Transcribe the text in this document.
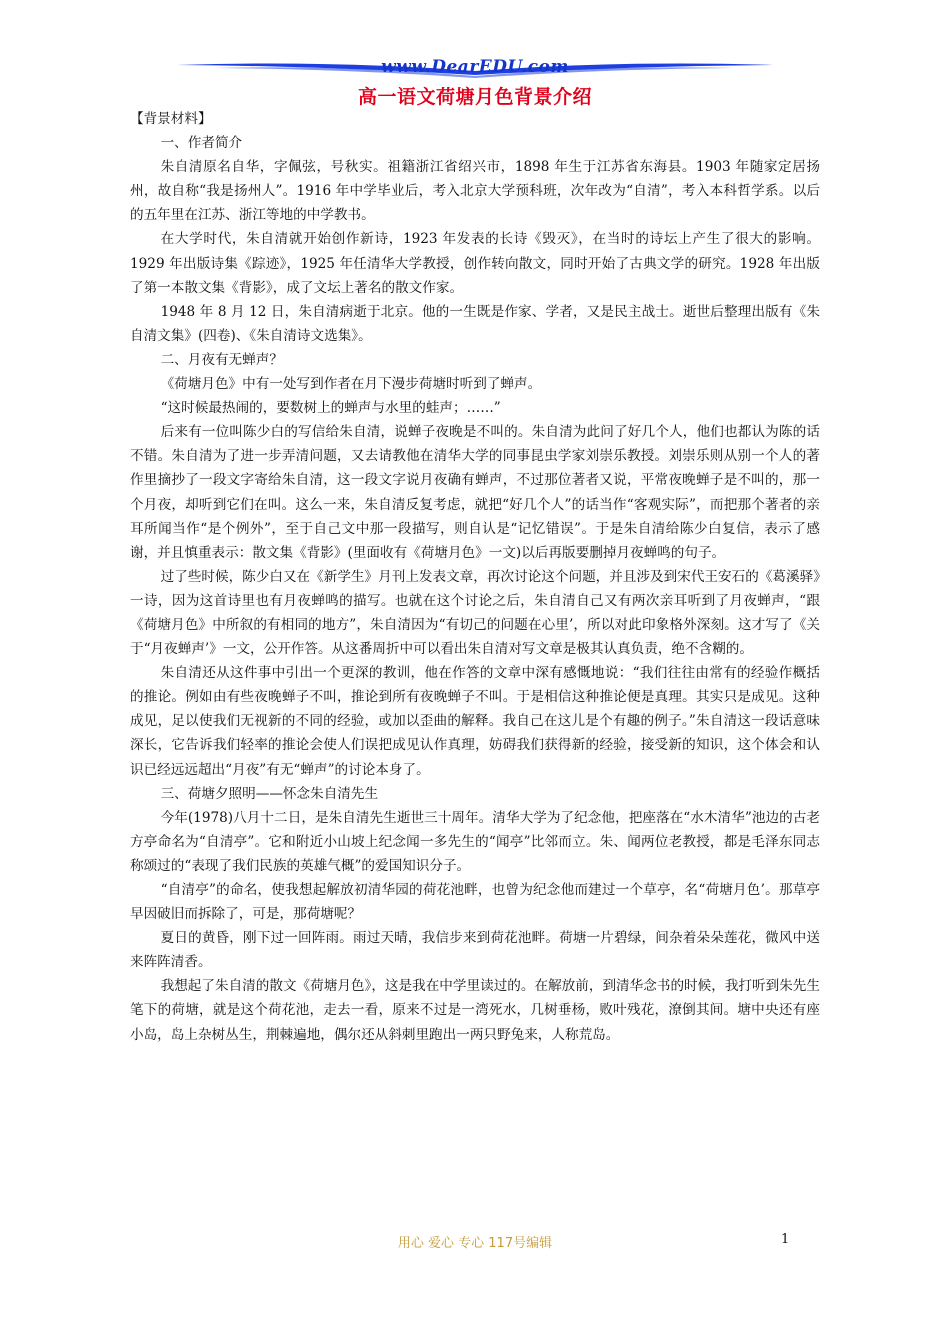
www.DearEDU.com
高一语文荷塘月色背景介绍

【背景材料】

一、作者简介

朱自清原名自华，字佩弦，号秋实。祖籍浙江省绍兴市，1898 年生于江苏省东海县。1903 年随家定居扬州，故自称“我是扬州人”。1916 年中学毕业后，考入北京大学预科班，次年改为“自清”，考入本科哲学系。以后的五年里在江苏、浙江等地的中学教书。

在大学时代，朱自清就开始创作新诗，1923 年发表的长诗《毁灭》，在当时的诗坛上产生了很大的影响。1929 年出版诗集《踪迹》，1925 年任清华大学教授，创作转向散文，同时开始了古典文学的研究。1928 年出版了第一本散文集《背影》，成了文坛上著名的散文作家。

1948 年 8 月 12 日，朱自清病逝于北京。他的一生既是作家、学者，又是民主战士。逝世后整理出版有《朱自清文集》(四卷)、《朱自清诗文选集》。

二、月夜有无蝉声？

《荷塘月色》中有一处写到作者在月下漫步荷塘时听到了蝉声。

“这时候最热闹的，要数树上的蝉声与水里的蛙声；……”

后来有一位叫陈少白的写信给朱自清，说蝉子夜晚是不叫的。朱自清为此问了好几个人，他们也都认为陈的话不错。朱自清为了进一步弄清问题，又去请教他在清华大学的同事昆虫学家刘崇乐教授。刘崇乐则从别一个人的著作里摘抄了一段文字寄给朱自清，这一段文字说月夜确有蝉声，不过那位著者又说，平常夜晚蝉子是不叫的，那一个月夜，却听到它们在叫。这么一来，朱自清反复考虑，就把“好几个人”的话当作“客观实际”，而把那个著者的亲耳所闻当作“是个例外”，至于自己文中那一段描写，则自认是“记忆错误”。于是朱自清给陈少白复信，表示了感谢，并且慎重表示：散文集《背影》(里面收有《荷塘月色》一文)以后再版要删掉月夜蝉鸣的句子。

过了些时候，陈少白又在《新学生》月刊上发表文章，再次讨论这个问题，并且涉及到宋代王安石的《葛溪驿》一诗，因为这首诗里也有月夜蝉鸣的描写。也就在这个讨论之后，朱自清自己又有两次亲耳听到了月夜蝉声，“跟《荷塘月色》中所叙的有相同的地方”，朱自清因为“有切己的问题在心里’，所以对此印象格外深刻。这才写了《关于“月夜蝉声’》一文，公开作答。从这番周折中可以看出朱自清对写文章是极其认真负责，绝不含糊的。

朱自清还从这件事中引出一个更深的教训，他在作答的文章中深有感慨地说：“我们往往由常有的经验作概括的推论。例如由有些夜晚蝉子不叫，推论到所有夜晚蝉子不叫。于是相信这种推论便是真理。其实只是成见。这种成见，足以使我们无视新的不同的经验，或加以歪曲的解释。我自己在这儿是个有趣的例子。”朱自清这一段话意味深长，它告诉我们轻率的推论会使人们误把成见认作真理，妨碍我们获得新的经验，接受新的知识，这个体会和认识已经远远超出“月夜”有无“蝉声”的讨论本身了。

三、荷塘夕照明——怀念朱自清先生

今年(1978)八月十二日，是朱自清先生逝世三十周年。清华大学为了纪念他，把座落在“水木清华”池边的古老方亭命名为“自清亭”。它和附近小山坡上纪念闻一多先生的“闻亭”比邻而立。朱、闻两位老教授，都是毛泽东同志称颂过的“表现了我们民族的英雄气概”的爱国知识分子。

“自清亭”的命名，使我想起解放初清华园的荷花池畔，也曾为纪念他而建过一个草亭，名“荷塘月色’。那草亭早因破旧而拆除了，可是，那荷塘呢？

夏日的黄昏，刚下过一回阵雨。雨过天晴，我信步来到荷花池畔。荷塘一片碧绿，间杂着朵朵莲花，微风中送来阵阵清香。

我想起了朱自清的散文《荷塘月色》，这是我在中学里读过的。在解放前，到清华念书的时候，我打听到朱先生笔下的荷塘，就是这个荷花池，走去一看，原来不过是一湾死水，几树垂杨，败叶残花，潦倒其间。塘中央还有座小岛，岛上杂树丛生，荆棘遍地，偶尔还从斜刺里跑出一两只野兔来，人称荒岛。

用心 爱心 专心 117号编辑	1
